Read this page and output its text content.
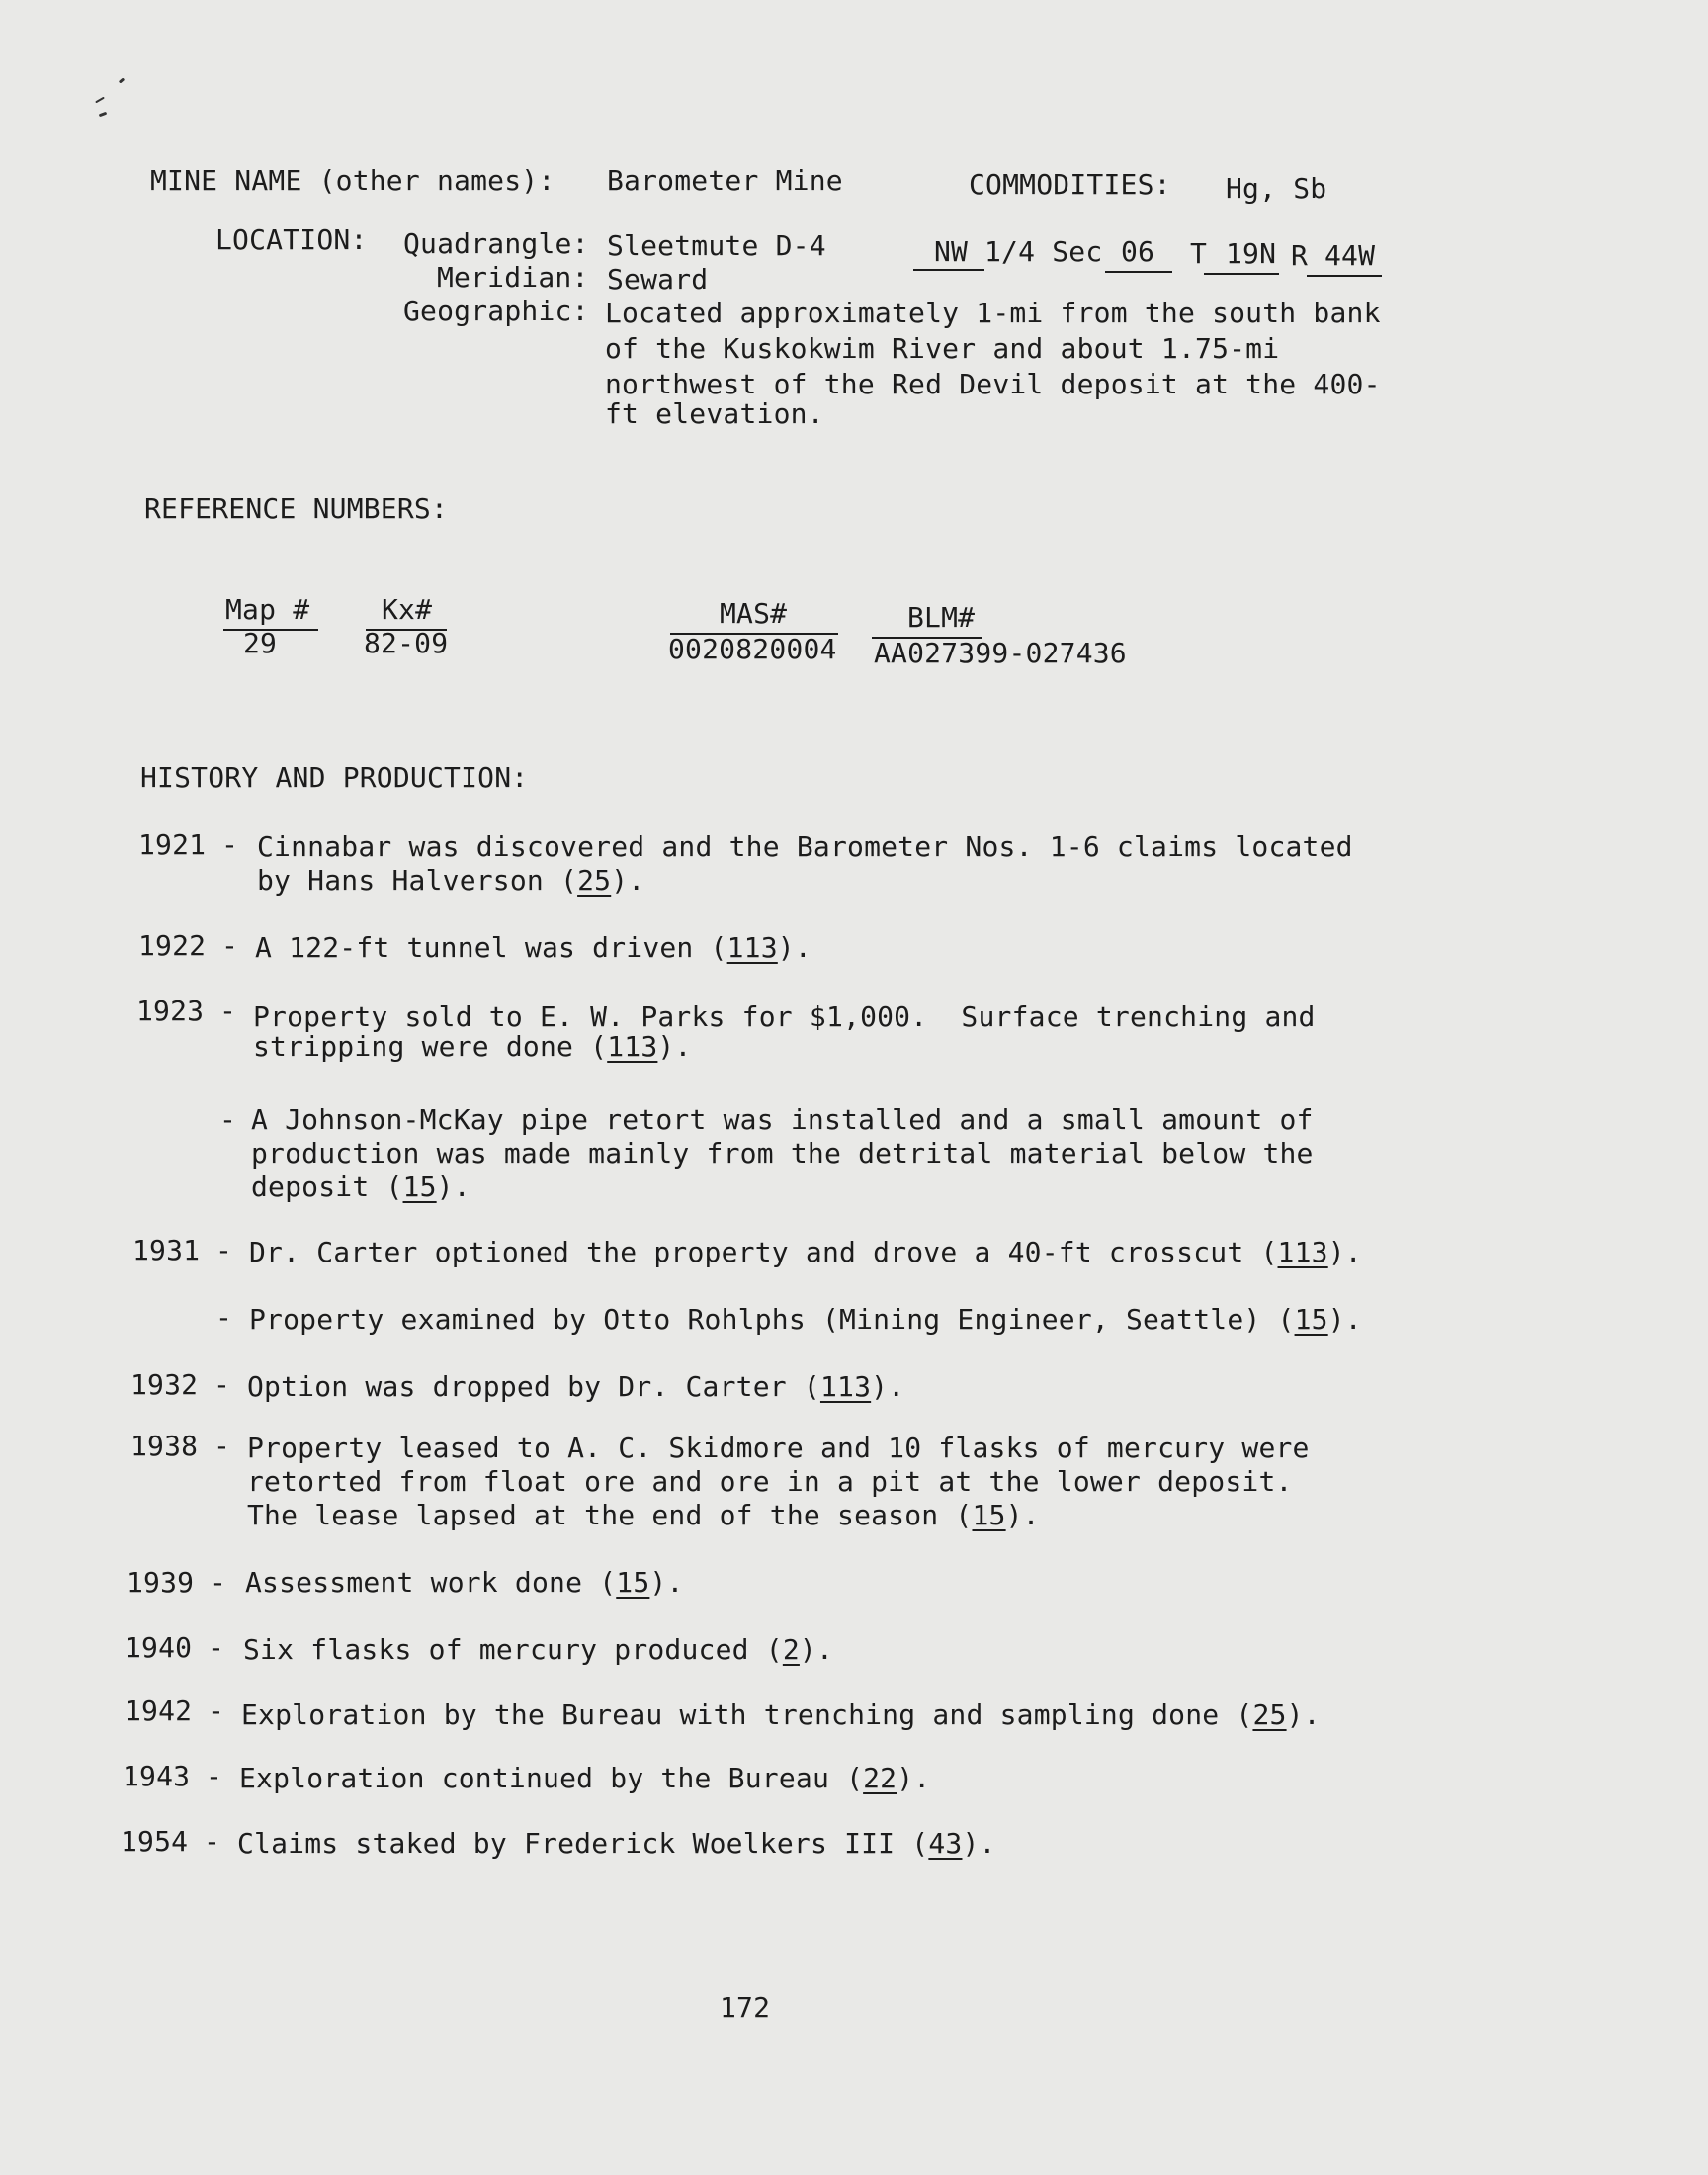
MINE NAME (other names): Barometer Mine	COMMODITIES: Hg, Sb
LOCATION: Quadrangle: Sleetmute D-4	NW 1/4 Sec 06 T 19N R 44W
Meridian: Seward
Geographic: Located approximately 1-mi from the south bank
of the Kuskokwim River and about 1.75-mi
northwest of the Red Devil deposit at the 400-
ft elevation.
REFERENCE NUMBERS:
Map #
29
Kx#
82-09
MAS#
0020820004
BLM#
AA027399-027436
HISTORY AND PRODUCTION:
1921 - Cinnabar was discovered and the Barometer Nos. 1-6 claims located
by Hans Halverson (25).
1922 - A 122-ft tunnel was driven (113).
1923 - Property sold to E. W. Parks for $1,000.  Surface trenching and
stripping were done (113).
- A Johnson-McKay pipe retort was installed and a small amount of
production was made mainly from the detrital material below the
deposit (15).
1931 - Dr. Carter optioned the property and drove a 40-ft crosscut (113).
- Property examined by Otto Rohlphs (Mining Engineer, Seattle) (15).
1932 - Option was dropped by Dr. Carter (113).
1938 - Property leased to A. C. Skidmore and 10 flasks of mercury were
retorted from float ore and ore in a pit at the lower deposit.
The lease lapsed at the end of the season (15).
1939 - Assessment work done (15).
1940 - Six flasks of mercury produced (2).
1942 - Exploration by the Bureau with trenching and sampling done (25).
1943 - Exploration continued by the Bureau (22).
1954 - Claims staked by Frederick Woelkers III (43).
172
